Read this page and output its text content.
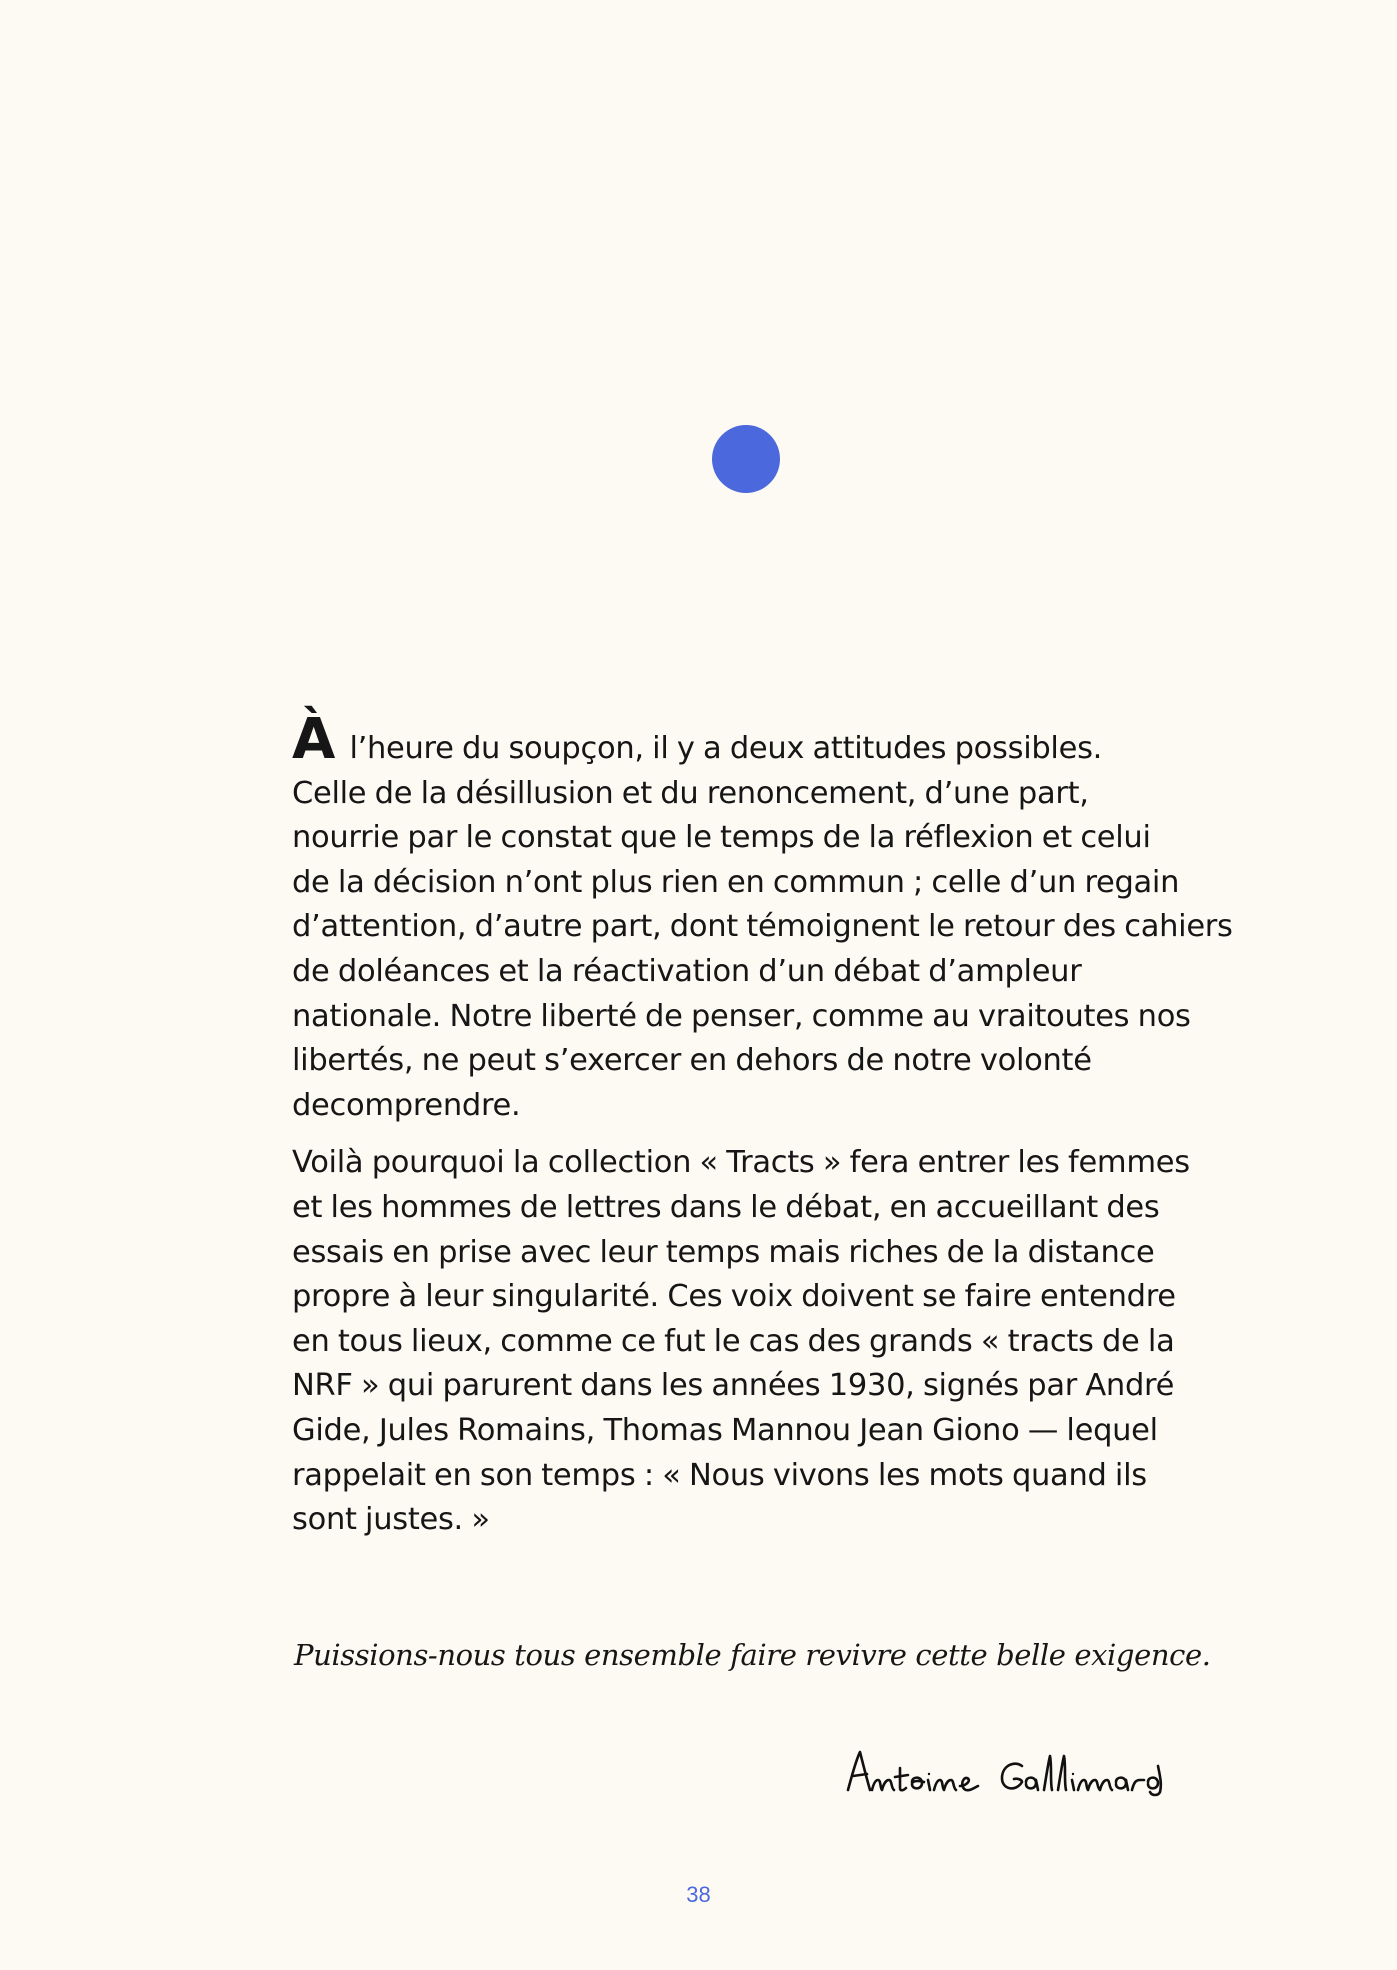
À l’heure du soupçon, il y a deux attitudes possibles.
Celle de la désillusion et du renoncement, d’une part,
nourrie par le constat que le temps de la réflexion et celui
de la décision n’ont plus rien en commun ; celle d’un regain
d’attention, d’autre part, dont témoignent le retour des cahiers
de doléances et la réactivation d’un débat d’ampleur
nationale. Notre liberté de penser, comme au vraitoutes nos
libertés, ne peut s’exercer en dehors de notre volonté
decomprendre.

Voilà pourquoi la collection « Tracts » fera entrer les femmes
et les hommes de lettres dans le débat, en accueillant des
essais en prise avec leur temps mais riches de la distance
propre à leur singularité. Ces voix doivent se faire entendre
en tous lieux, comme ce fut le cas des grands « tracts de la
NRF » qui parurent dans les années 1930, signés par André
Gide, Jules Romains, Thomas Mannou Jean Giono — lequel
rappelait en son temps : « Nous vivons les mots quand ils
sont justes. »

Puissions-nous tous ensemble faire revivre cette belle exigence.

38
